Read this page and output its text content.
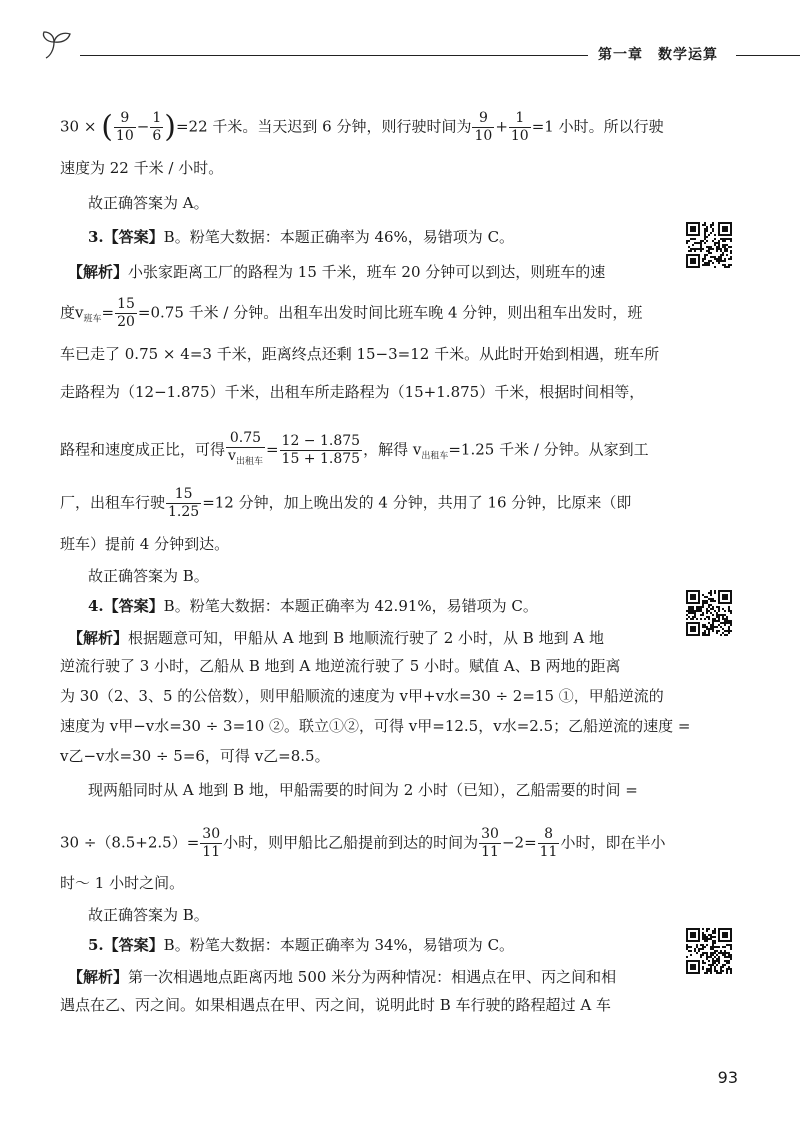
第一章　数学运算
30 × ( $\frac{9}{10} - \frac{1}{6} )=22$ 千米。当天迟到 6 分钟，则行驶时间为 $\frac{9}{10} + \frac{1}{10} =1$ 小时。所以行驶
速度为 22 千米 / 小时。
故正确答案为 A。
3.【答案】B。粉笔大数据：本题正确率为 46%，易错项为 C。
【解析】小张家距离工厂的路程为 15 千米，班车 20 分钟可以到达，则班车的速
度$v_{班车}= \frac{15}{20} =0.75$ 千米 / 分钟。出租车出发时间比班车晚 4 分钟，则出租车出发时，班
车已走了 0.75 × 4=3 千米，距离终点还剩 15−3=12 千米。从此时开始到相遇，班车所
走路程为（12−1.875）千米，出租车所走路程为（15+1.875）千米，根据时间相等，
路程和速度成正比，可得 $\frac{0.75}{v_{出租车}} = \frac{12 - 1.875}{15 + 1.875}$ ，解得 $v_{出租车}=1.25$ 千米 / 分钟。从家到工
厂，出租车行驶 $\frac{15}{1.25} =12$ 分钟，加上晚出发的 4 分钟，共用了 16 分钟，比原来（即
班车）提前 4 分钟到达。
故正确答案为 B。
4.【答案】B。粉笔大数据：本题正确率为 42.91%，易错项为 C。
【解析】根据题意可知，甲船从 A 地到 B 地顺流行驶了 2 小时，从 B 地到 A 地
逆流行驶了 3 小时，乙船从 B 地到 A 地逆流行驶了 5 小时。赋值 A、B 两地的距离
为 30（2、3、5 的公倍数），则甲船顺流的速度为 v甲+v水=30 ÷ 2=15 ①，甲船逆流的
速度为 v甲−v水=30 ÷ 3=10 ②。联立①②，可得 v甲=12.5，v水=2.5；乙船逆流的速度 =
v乙−v水=30 ÷ 5=6，可得 v乙=8.5。
现两船同时从 A 地到 B 地，甲船需要的时间为 2 小时（已知），乙船需要的时间 =
$30 \div(8.5+2.5)= \frac{30}{11}$ 小时，则甲船比乙船提前到达的时间为 $\frac{30}{11} -2= \frac{8}{11}$ 小时，即在半小
时～ 1 小时之间。
故正确答案为 B。
5.【答案】B。粉笔大数据：本题正确率为 34%，易错项为 C。
【解析】第一次相遇地点距离丙地 500 米分为两种情况：相遇点在甲、丙之间和相
遇点在乙、丙之间。如果相遇点在甲、丙之间，说明此时 B 车行驶的路程超过 A 车
93
